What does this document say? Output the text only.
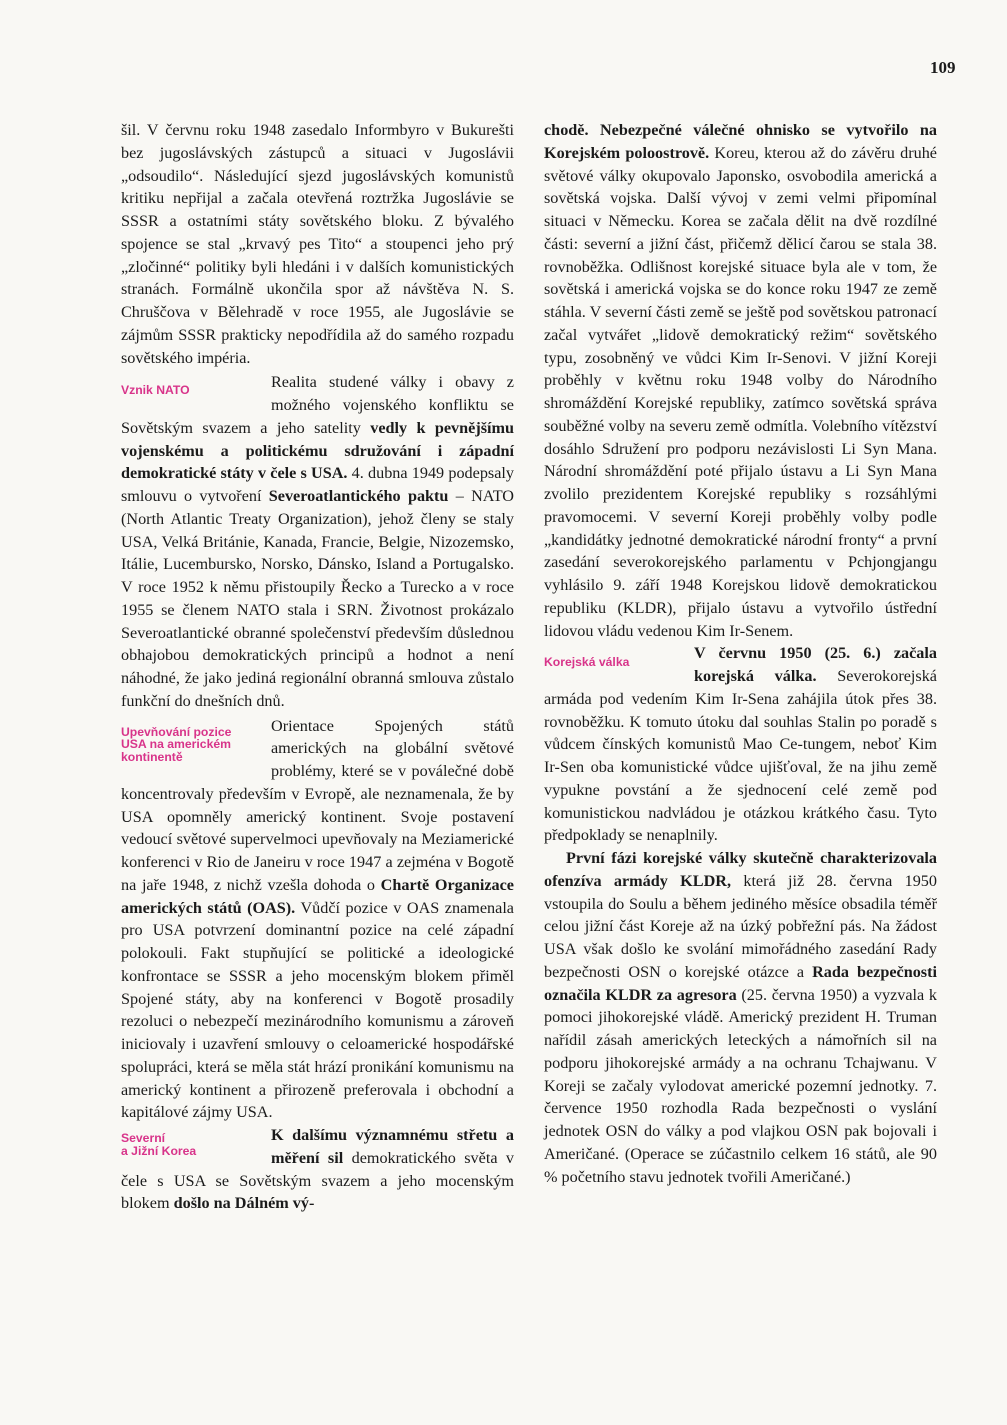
109

šil. V červnu roku 1948 zasedalo Informbyro v Bukurešti bez jugoslávských zástupců a situaci v Jugoslávii „odsoudilo“. Následující sjezd jugoslávských komunistů kritiku nepřijal a začala otevřená roztržka Jugoslávie se SSSR a ostatními státy sovětského bloku. Z bývalého spojence se stal „krvavý pes Tito“ a stoupenci jeho prý „zločinné“ politiky byli hledáni i v dalších komunistických stranách. Formálně ukončila spor až návštěva N. S. Chruščova v Bělehradě v roce 1955, ale Jugoslávie se zájmům SSSR prakticky nepodřídila až do samého rozpadu sovětského impéria.

Vznik NATO	Realita studené války i obavy z možného vojenského konfliktu se Sovětským svazem a jeho satelity vedly k pevnějšímu vojenskému a politickému sdružování i západní demokratické státy v čele s USA. 4. dubna 1949 podepsaly smlouvu o vytvoření Severoatlantického paktu – NATO (North Atlantic Treaty Organization), jehož členy se staly USA, Velká Británie, Kanada, Francie, Belgie, Nizozemsko, Itálie, Lucembursko, Norsko, Dánsko, Island a Portugalsko. V roce 1952 k němu přistoupily Řecko a Turecko a v roce 1955 se členem NATO stala i SRN. Životnost prokázalo Severoatlantické obranné společenství především důslednou obhajobou demokratických principů a hodnot a není náhodné, že jako jediná regionální obranná smlouva zůstalo funkční do dnešních dnů.

Upevňování pozice
USA na americkém
kontinentě
Orientace Spojených států amerických na globální světové problémy, které se v poválečné době koncentrovaly především v Evropě, ale neznamenala, že by USA opomněly americký kontinent. Svoje postavení vedoucí světové supervelmoci upevňovaly na Meziamerické konferenci v Rio de Janeiru v roce 1947 a zejména v Bogotě na jaře 1948, z nichž vzešla dohoda o Chartě Organizace amerických států (OAS). Vůdčí pozice v OAS znamenala pro USA potvrzení dominantní pozice na celé západní polokouli. Fakt stupňující se politické a ideologické konfrontace se SSSR a jeho mocenským blokem přiměl Spojené státy, aby na konferenci v Bogotě prosadily rezoluci o nebezpečí mezinárodního komunismu a zároveň iniciovaly i uzavření smlouvy o celoamerické hospodářské spolupráci, která se měla stát hrází pronikání komunismu na americký kontinent a přirozeně preferovala i obchodní a kapitálové zájmy USA.

Severní
a Jižní Korea
K dalšímu významnému střetu a měření sil demokratického světa v čele s USA se Sovětským svazem a jeho mocenským blokem došlo na Dálném vý-

chodě. Nebezpečné válečné ohnisko se vytvořilo na Korejském poloostrově. Koreu, kterou až do závěru druhé světové války okupovalo Japonsko, osvobodila americká a sovětská vojska. Další vývoj v zemi velmi připomínal situaci v Německu. Korea se začala dělit na dvě rozdílné části: severní a jižní část, přičemž dělicí čarou se stala 38. rovnoběžka. Odlišnost korejské situace byla ale v tom, že sovětská i americká vojska se do konce roku 1947 ze země stáhla. V severní části země se ještě pod sovětskou patronací začal vytvářet „lidově demokratický režim“ sovětského typu, zosobněný ve vůdci Kim Ir-Senovi. V jižní Koreji proběhly v květnu roku 1948 volby do Národního shromáždění Korejské republiky, zatímco sovětská správa souběžné volby na severu země odmítla. Volebního vítězství dosáhlo Sdružení pro podporu nezávislosti Li Syn Mana. Národní shromáždění poté přijalo ústavu a Li Syn Mana zvolilo prezidentem Korejské republiky s rozsáhlými pravomocemi. V severní Koreji proběhly volby podle „kandidátky jednotné demokratické národní fronty“ a první zasedání severokorejského parlamentu v Pchjongjangu vyhlásilo 9. září 1948 Korejskou lidově demokratickou republiku (KLDR), přijalo ústavu a vytvořilo ústřední lidovou vládu vedenou Kim Ir-Senem.

Korejská válka	V červnu 1950 (25. 6.) začala korejská válka. Severokorejská armáda pod vedením Kim Ir-Sena zahájila útok přes 38. rovnoběžku. K tomuto útoku dal souhlas Stalin po poradě s vůdcem čínských komunistů Mao Ce-tungem, neboť Kim Ir-Sen oba komunistické vůdce ujišťoval, že na jihu země vypukne povstání a že sjednocení celé země pod komunistickou nadvládou je otázkou krátkého času. Tyto předpoklady se nenaplnily.

První fázi korejské války skutečně charakterizovala ofenzíva armády KLDR, která již 28. června 1950 vstoupila do Soulu a během jediného měsíce obsadila téměř celou jižní část Koreje až na úzký pobřežní pás. Na žádost USA však došlo ke svolání mimořádného zasedání Rady bezpečnosti OSN o korejské otázce a Rada bezpečnosti označila KLDR za agresora (25. června 1950) a vyzvala k pomoci jihokorejské vládě. Americký prezident H. Truman nařídil zásah amerických leteckých a námořních sil na podporu jihokorejské armády a na ochranu Tchajwanu. V Koreji se začaly vylodovat americké pozemní jednotky. 7. července 1950 rozhodla Rada bezpečnosti o vyslání jednotek OSN do války a pod vlajkou OSN pak bojovali i Američané. (Operace se zúčastnilo celkem 16 států, ale 90 % početního stavu jednotek tvořili Američané.)
